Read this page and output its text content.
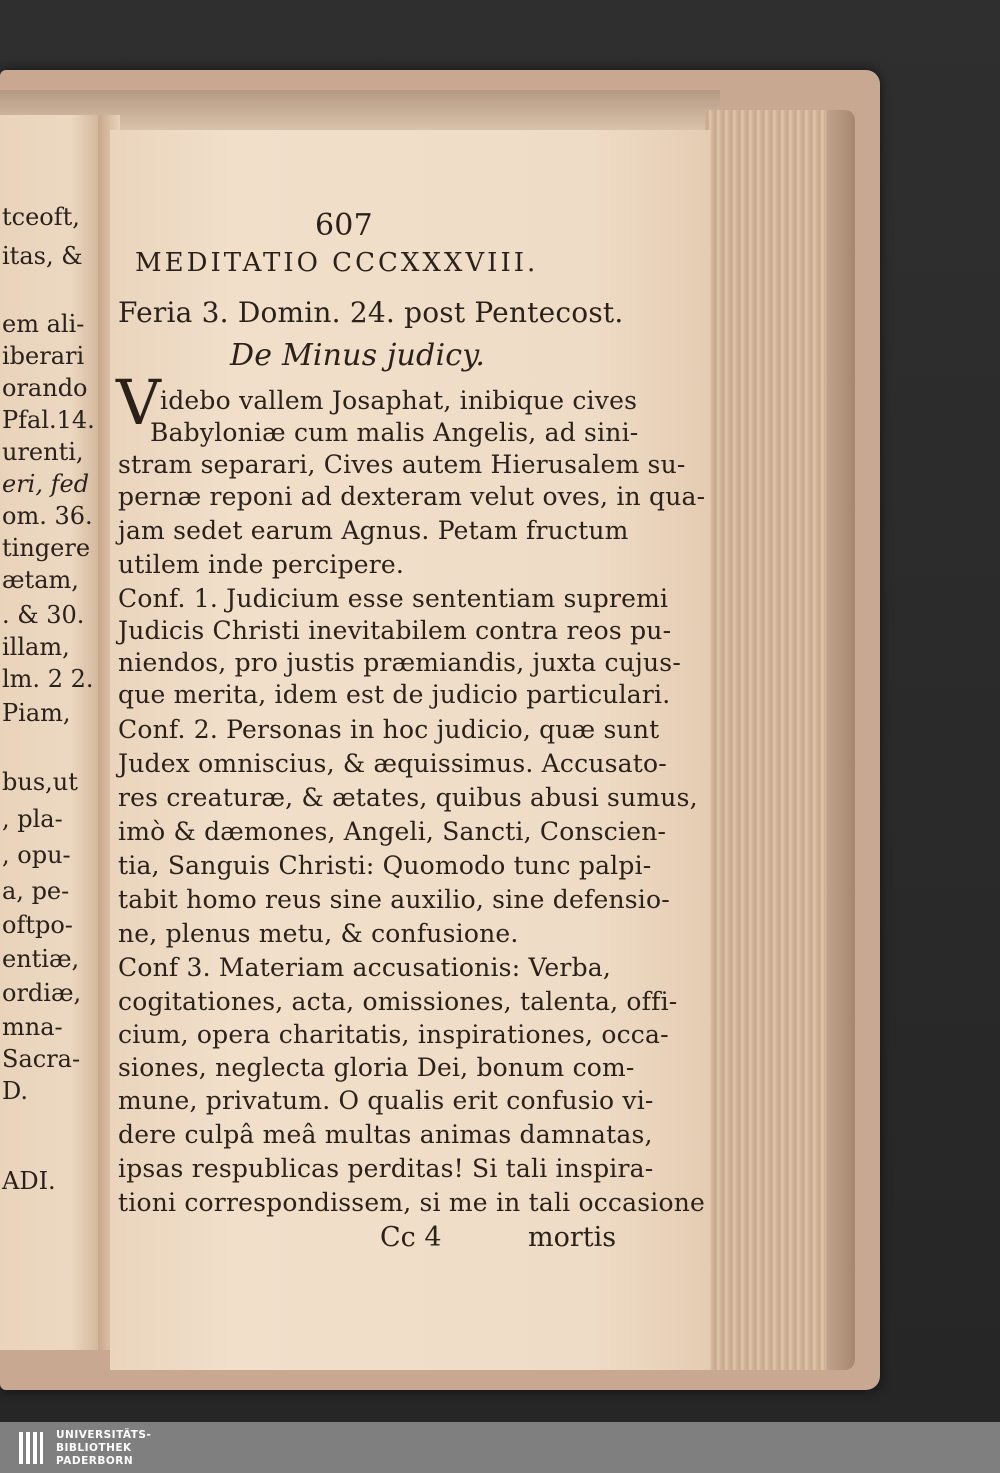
tceoft,
itas, &
em ali-
iberari
orando
Pfal.14.
urenti,
eri, fed
om. 36.
tingere
ætam,
. & 30.
illam,
lm. 2 2.
Piam,
bus,ut
, pla-
, opu-
a, pe-
oftpo-
entiæ,
ordiæ,
mna-
Sacra-
D.
ADI.
607
MEDITATIO CCCXXXVIII.
Feria 3. Domin. 24. post Pentecost.
De Minus judicy.
V idebo vallem Josaphat, inibique cives
Babyloniæ cum malis Angelis, ad sini-
stram separari, Cives autem Hierusalem su-
pernæ reponi ad dexteram velut oves, in qua-
jam sedet earum Agnus. Petam fructum
utilem inde percipere.
Conf. 1. Judicium esse sententiam supremi
Judicis Christi inevitabilem contra reos pu-
niendos, pro justis præmiandis, juxta cujus-
que merita, idem est de judicio particulari.
Conf. 2. Personas in hoc judicio, quæ sunt
Judex omniscius, & æquissimus. Accusato-
res creaturæ, & ætates, quibus abusi sumus,
imò & dæmones, Angeli, Sancti, Conscien-
tia, Sanguis Christi: Quomodo tunc palpi-
tabit homo reus sine auxilio, sine defensio-
ne, plenus metu, & confusione.
Conf 3. Materiam accusationis: Verba,
cogitationes, acta, omissiones, talenta, offi-
cium, opera charitatis, inspirationes, occa-
siones, neglecta gloria Dei, bonum com-
mune, privatum. O qualis erit confusio vi-
dere culpâ meâ multas animas damnatas,
ipsas respublicas perditas! Si tali inspira-
tioni correspondissem, si me in tali occasione
Cc 4	mortis
UNIVERSITÄTS-
BIBLIOTHEK
PADERBORN
